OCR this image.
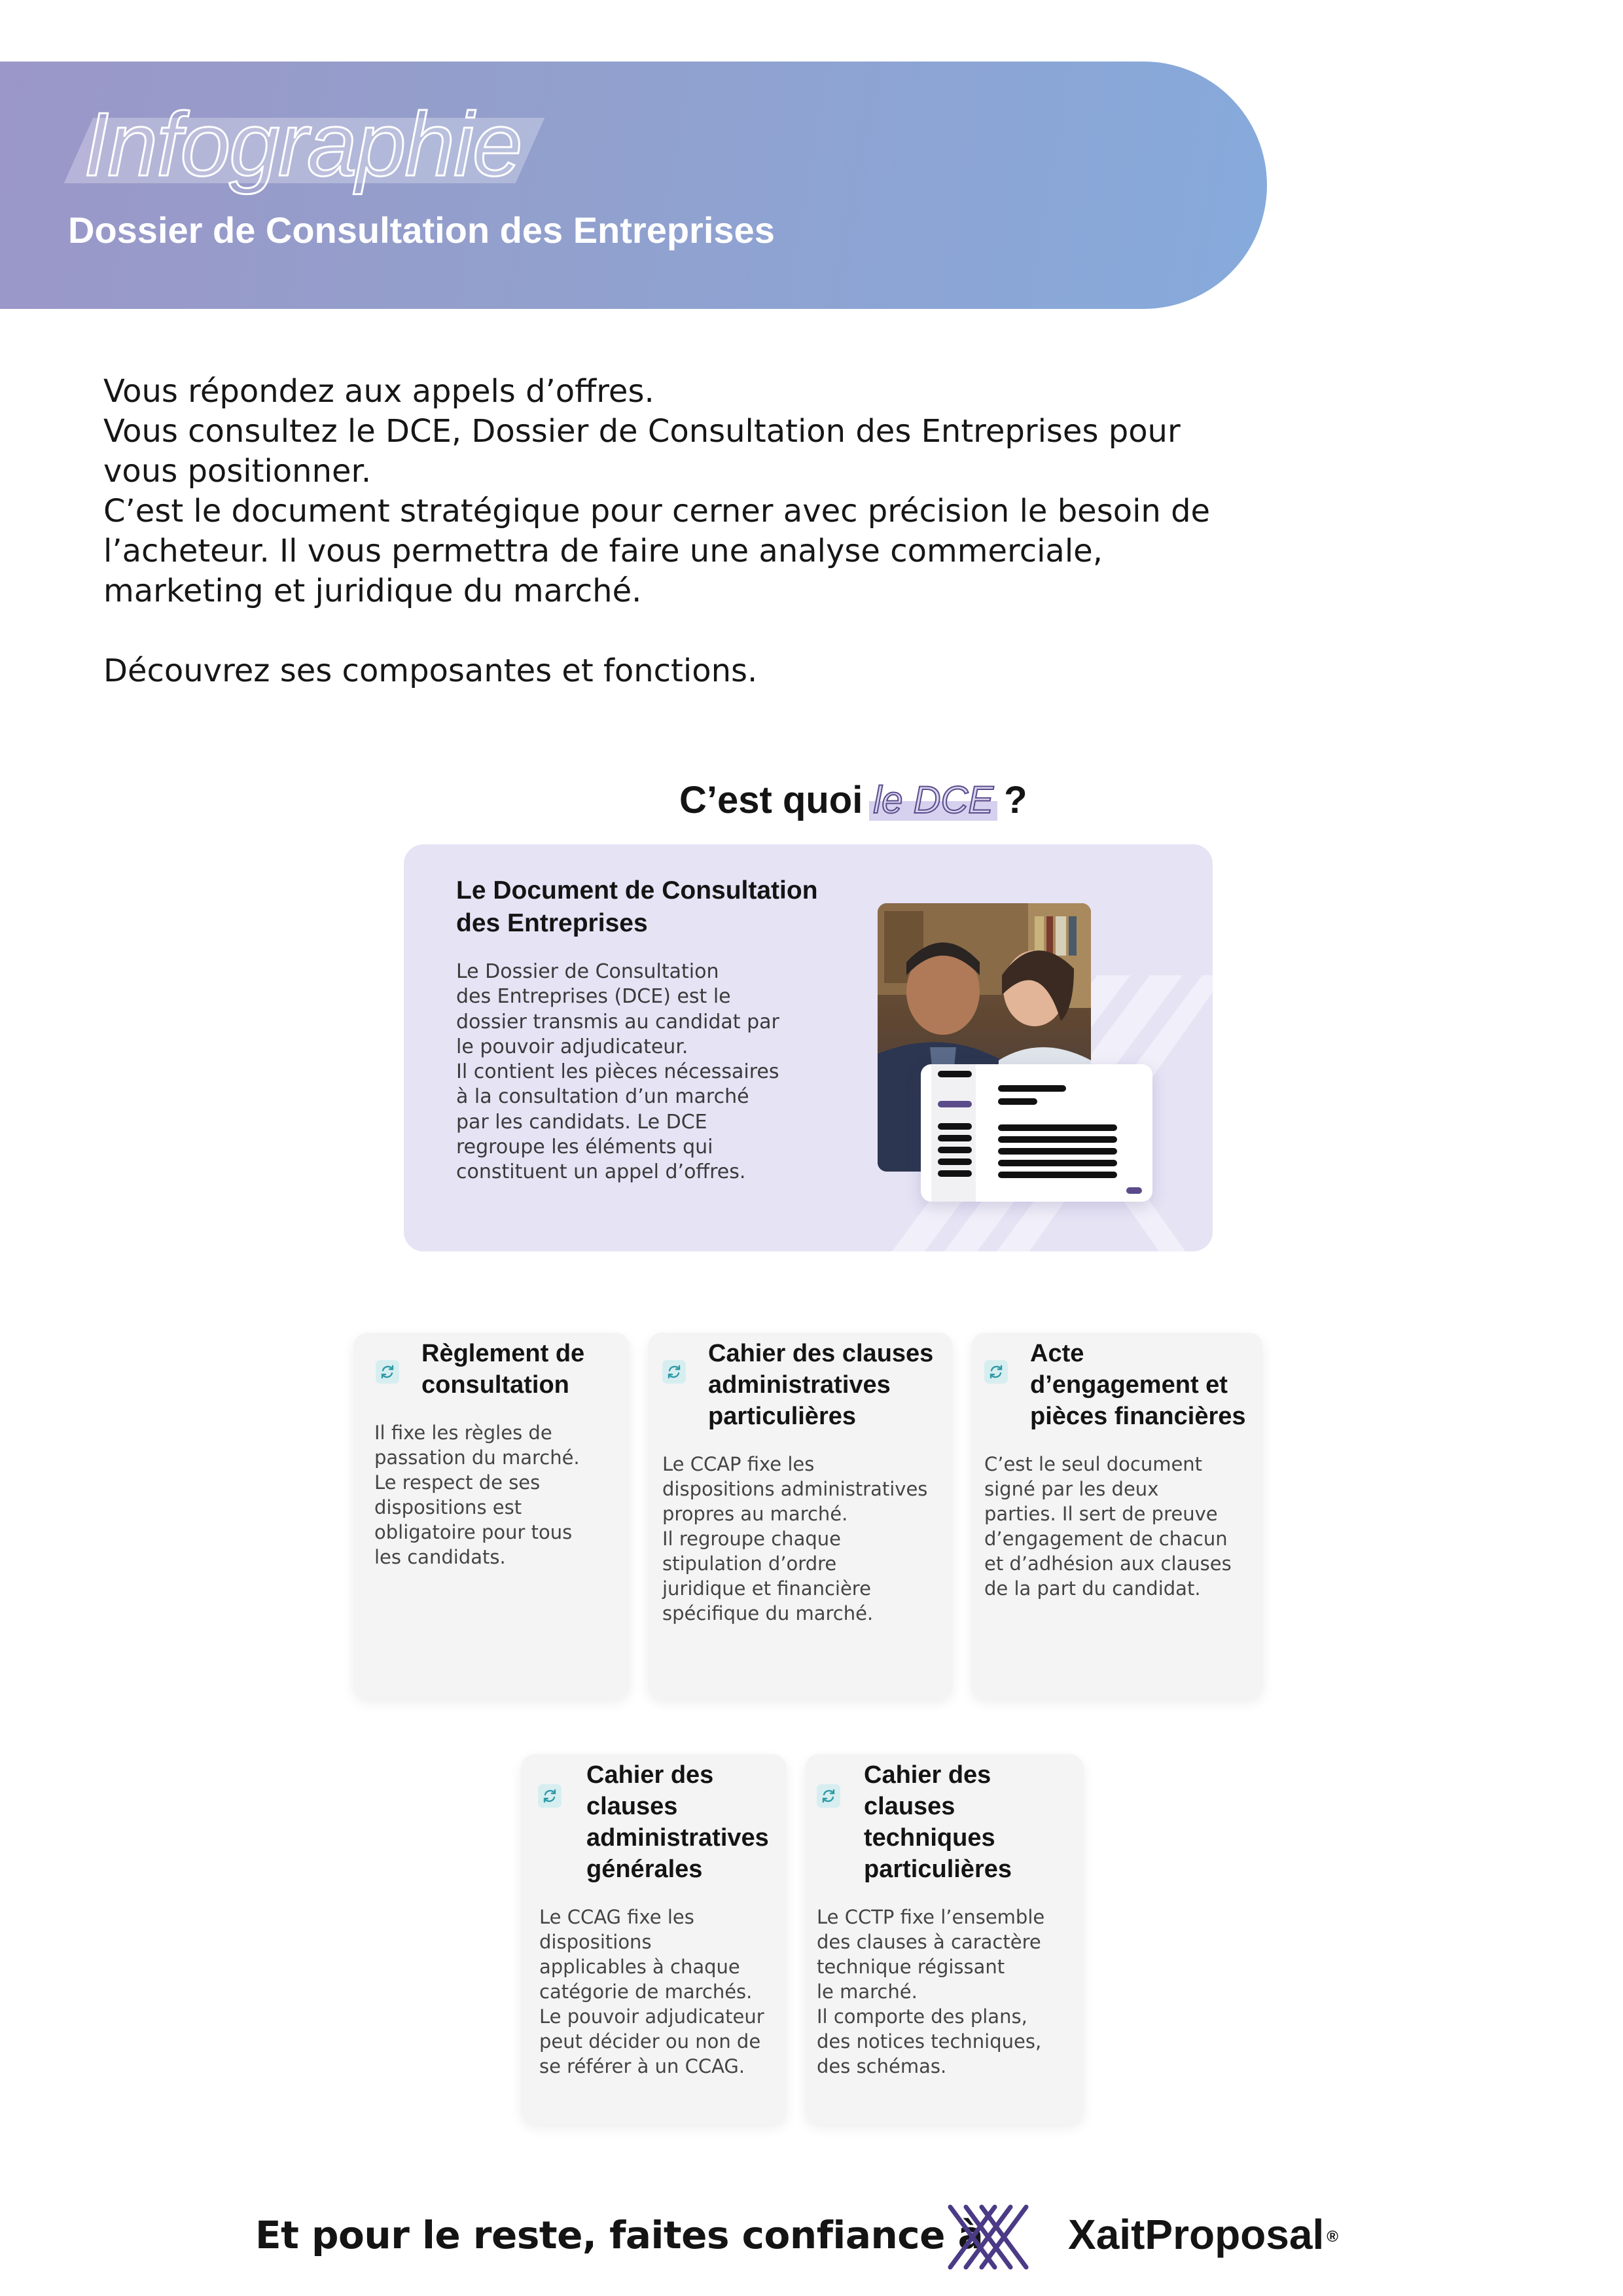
Infographie
Dossier de Consultation des Entreprises

Vous répondez aux appels d’offres.

Vous consultez le DCE, Dossier de Consultation des Entreprises pour

vous positionner.

C’est le document stratégique pour cerner avec précision le besoin de

l’acheteur. Il vous permettra de faire une analyse commerciale,

marketing et juridique du marché.

Découvrez ses composantes et fonctions.

C’est quoi le DCE ?
Le Document de Consultation
des Entreprises
Le Dossier de Consultation
des Entreprises (DCE) est le
dossier transmis au candidat par
le pouvoir adjudicateur.
Il contient les pièces nécessaires
à la consultation d’un marché
par les candidats. Le DCE
regroupe les éléments qui
constituent un appel d’offres.
Règlement de
consultation
Il fixe les règles de
passation du marché.
Le respect de ses
dispositions est
obligatoire pour tous
les candidats.
Cahier des clauses
administratives
particulières
Le CCAP fixe les
dispositions administratives
propres au marché.
Il regroupe chaque
stipulation d’ordre
juridique et financière
spécifique du marché.
Acte
d’engagement et
pièces financières
C’est le seul document
signé par les deux
parties. Il sert de preuve
d’engagement de chacun
et d’adhésion aux clauses
de la part du candidat.
Cahier des
clauses
administratives
générales
Le CCAG fixe les
dispositions
applicables à chaque
catégorie de marchés.
Le pouvoir adjudicateur
peut décider ou non de
se référer à un CCAG.
Cahier des
clauses
techniques
particulières
Le CCTP fixe l’ensemble
des clauses à caractère
technique régissant
le marché.
Il comporte des plans,
des notices techniques,
des schémas.
Et pour le reste, faites confiance à XaitProposal ®
